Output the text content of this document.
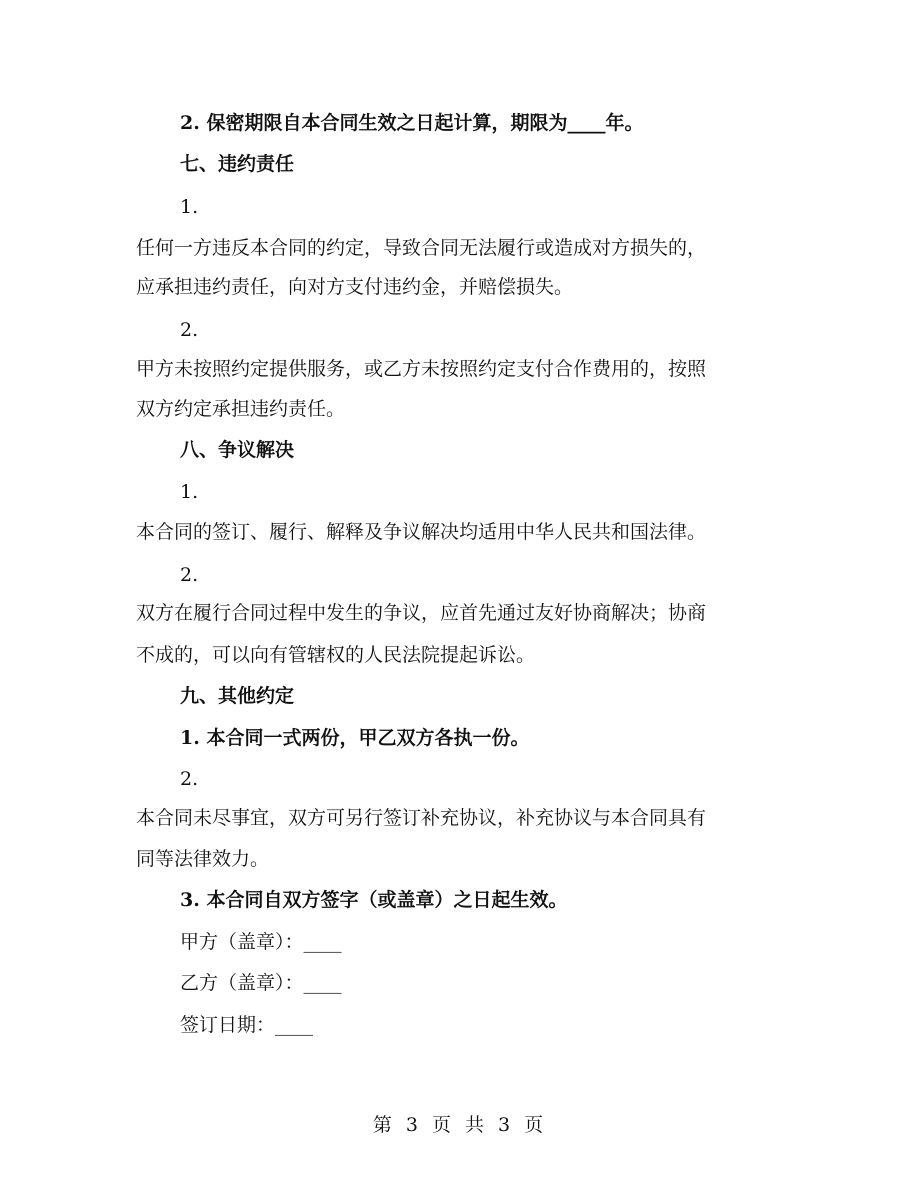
2. 保密期限自本合同生效之日起计算，期限为____年。
七、违约责任
1.
任何一方违反本合同的约定，导致合同无法履行或造成对方损失的，
应承担违约责任，向对方支付违约金，并赔偿损失。
2.
甲方未按照约定提供服务，或乙方未按照约定支付合作费用的，按照
双方约定承担违约责任。
八、争议解决
1.
本合同的签订、履行、解释及争议解决均适用中华人民共和国法律。
2.
双方在履行合同过程中发生的争议，应首先通过友好协商解决；协商
不成的，可以向有管辖权的人民法院提起诉讼。
九、其他约定
1. 本合同一式两份，甲乙双方各执一份。
2.
本合同未尽事宜，双方可另行签订补充协议，补充协议与本合同具有
同等法律效力。
3. 本合同自双方签字（或盖章）之日起生效。
甲方（盖章）：____
乙方（盖章）：____
签订日期：____
第 3 页 共 3 页
